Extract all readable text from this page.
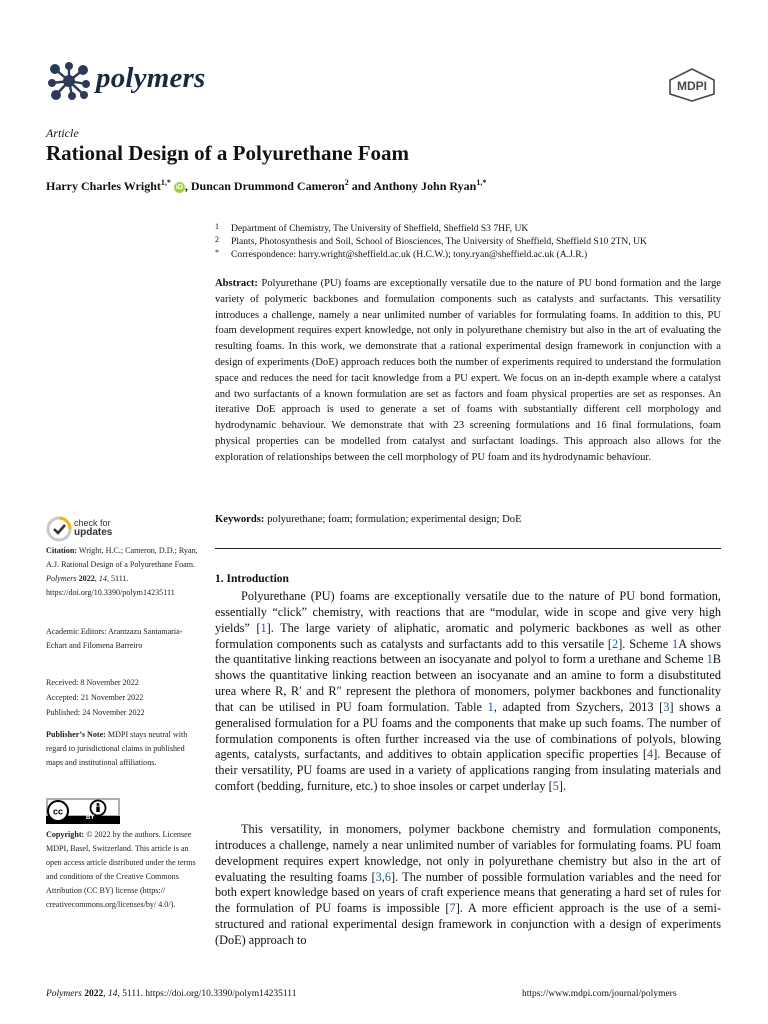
polymers	MDPI
Article
Rational Design of a Polyurethane Foam
Harry Charles Wright$^{1,*}$ iD , Duncan Drummond Cameron$^2$ and Anthony John Ryan$^{1,*}$
1 Department of Chemistry, The University of Sheffield, Sheffield S3 7HF, UK
2 Plants, Photosynthesis and Soil, School of Biosciences, The University of Sheffield, Sheffield S10 2TN, UK
* Correspondence: harry.wright@sheffield.ac.uk (H.C.W.); tony.ryan@sheffield.ac.uk (A.J.R.)
Abstract: Polyurethane (PU) foams are exceptionally versatile due to the nature of PU bond formation and the large variety of polymeric backbones and formulation components such as catalysts and surfactants. This versatility introduces a challenge, namely a near unlimited number of variables for formulating foams. In addition to this, PU foam development requires expert knowledge, not only in polyurethane chemistry but also in the art of evaluating the resulting foams. In this work, we demonstrate that a rational experimental design framework in conjunction with a design of experiments (DoE) approach reduces both the number of experiments required to understand the formulation space and reduces the need for tacit knowledge from a PU expert. We focus on an in-depth example where a catalyst and two surfactants of a known formulation are set as factors and foam physical properties are set as responses. An iterative DoE approach is used to generate a set of foams with substantially different cell morphology and hydrodynamic behaviour. We demonstrate that with 23 screening formulations and 16 final formulations, foam physical properties can be modelled from catalyst and surfactant loadings. This approach also allows for the exploration of relationships between the cell morphology of PU foam and its hydrodynamic behaviour.
Keywords: polyurethane; foam; formulation; experimental design; DoE
check for
updates
Citation: Wright, H.C.; Cameron, D.D.; Ryan, A.J. Rational Design of a Polyurethane Foam. Polymers 2022, 14, 5111. https://doi.org/10.3390/polym14235111
Academic Editors: Arantzazu Santamaria-Echart and Filomena Barreiro
Received: 8 November 2022
Accepted: 21 November 2022
Published: 24 November 2022
Publisher’s Note: MDPI stays neutral with regard to jurisdictional claims in published maps and institutional affiliations.
cc
BY
Copyright: © 2022 by the authors. Licensee MDPI, Basel, Switzerland. This article is an open access article distributed under the terms and conditions of the Creative Commons Attribution (CC BY) license (https:// creativecommons.org/licenses/by/ 4.0/).
1. Introduction
Polyurethane (PU) foams are exceptionally versatile due to the nature of PU bond formation, essentially “click” chemistry, with reactions that are “modular, wide in scope and give very high yields” [1]. The large variety of aliphatic, aromatic and polymeric backbones as well as other formulation components such as catalysts and surfactants add to this versatile [2]. Scheme 1A shows the quantitative linking reactions between an isocyanate and polyol to form a urethane and Scheme 1B shows the quantitative linking reaction between an isocyanate and an amine to form a disubstituted urea where R, R′ and R″ represent the plethora of monomers, polymer backbones and functionality that can be utilised in PU foam formulation. Table 1, adapted from Szychers, 2013 [3] shows a generalised formulation for a PU foams and the components that make up such foams. The number of formulation components is often further increased via the use of combinations of polyols, blowing agents, catalysts, surfactants, and additives to obtain application specific properties [4]. Because of their versatility, PU foams are used in a variety of applications ranging from insulating materials and comfort (bedding, furniture, etc.) to shoe insoles or carpet underlay [5].
This versatility, in monomers, polymer backbone chemistry and formulation components, introduces a challenge, namely a near unlimited number of variables for formulating foams. PU foam development requires expert knowledge, not only in polyurethane chemistry but also in the art of evaluating the resulting foams [3,6]. The number of possible formulation variables and the need for both expert knowledge based on years of craft experience means that generating a hard set of rules for the formulation of PU foams is impossible [7]. A more efficient approach is the use of a semi-structured and rational experimental design framework in conjunction with a design of experiments (DoE) approach to
Polymers 2022, 14, 5111. https://doi.org/10.3390/polym14235111	https://www.mdpi.com/journal/polymers
